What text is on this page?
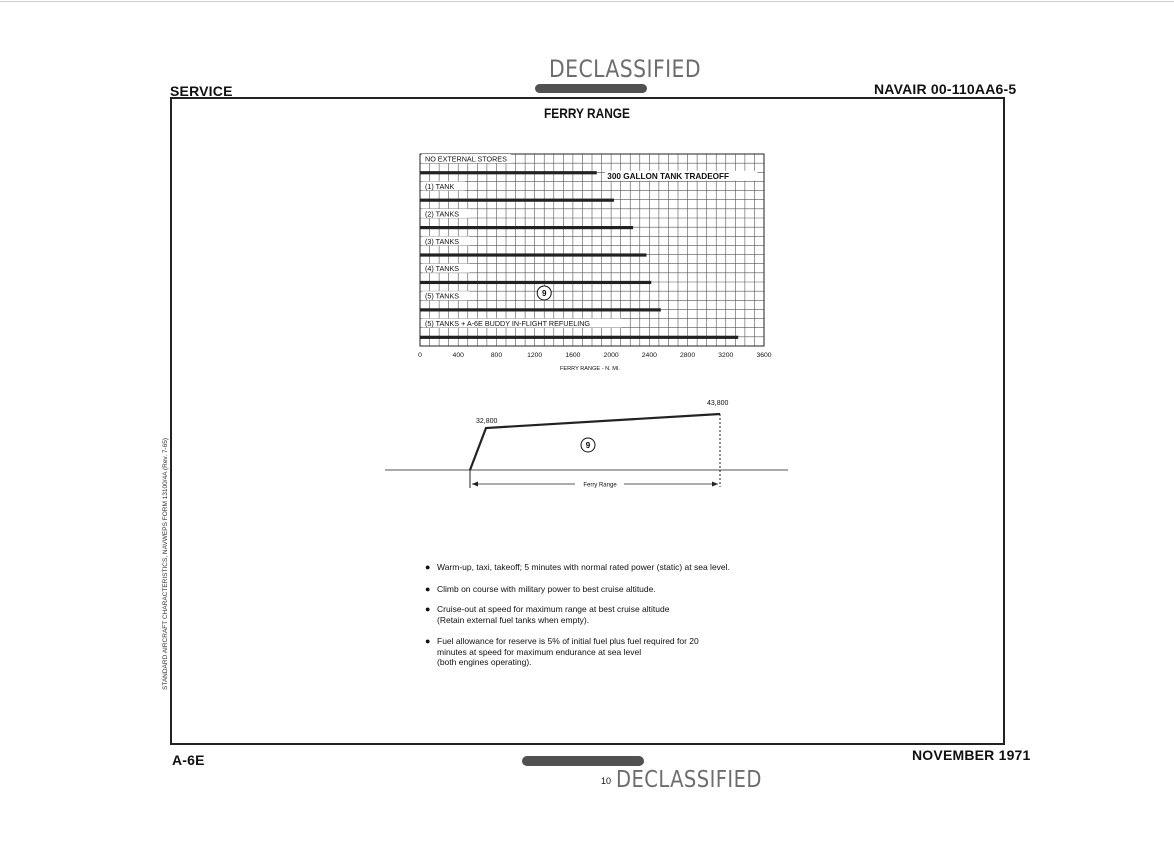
SERVICE	NAVAIR 00-110AA6-5
DECLASSIFIED
FERRY RANGE
NO EXTERNAL STORES
(1) TANK
(2) TANKS
(3) TANKS
(4) TANKS
(5) TANKS
(5) TANKS + A-6E BUDDY IN-FLIGHT REFUELING
300 GALLON TANK TRADEOFF
9
0	400	800	1200	1600	2000	2400	2800	3200	3600
FERRY RANGE - N. MI.
32,800
43,800
9
Ferry Range
● Warm-up, taxi, takeoff; 5 minutes with normal rated power (static) at sea level.
● Climb on course with military power to best cruise altitude.
● Cruise-out at speed for maximum range at best cruise altitude
(Retain external fuel tanks when empty).
● Fuel allowance for reserve is 5% of initial fuel plus fuel required for 20
minutes at speed for maximum endurance at sea level
(both engines operating).
STANDARD AIRCRAFT CHARACTERISTICS, NAVWEPS FORM 13100/4A (Rev. 7-65)
A-6E	NOVEMBER 1971
10 DECLASSIFIED
